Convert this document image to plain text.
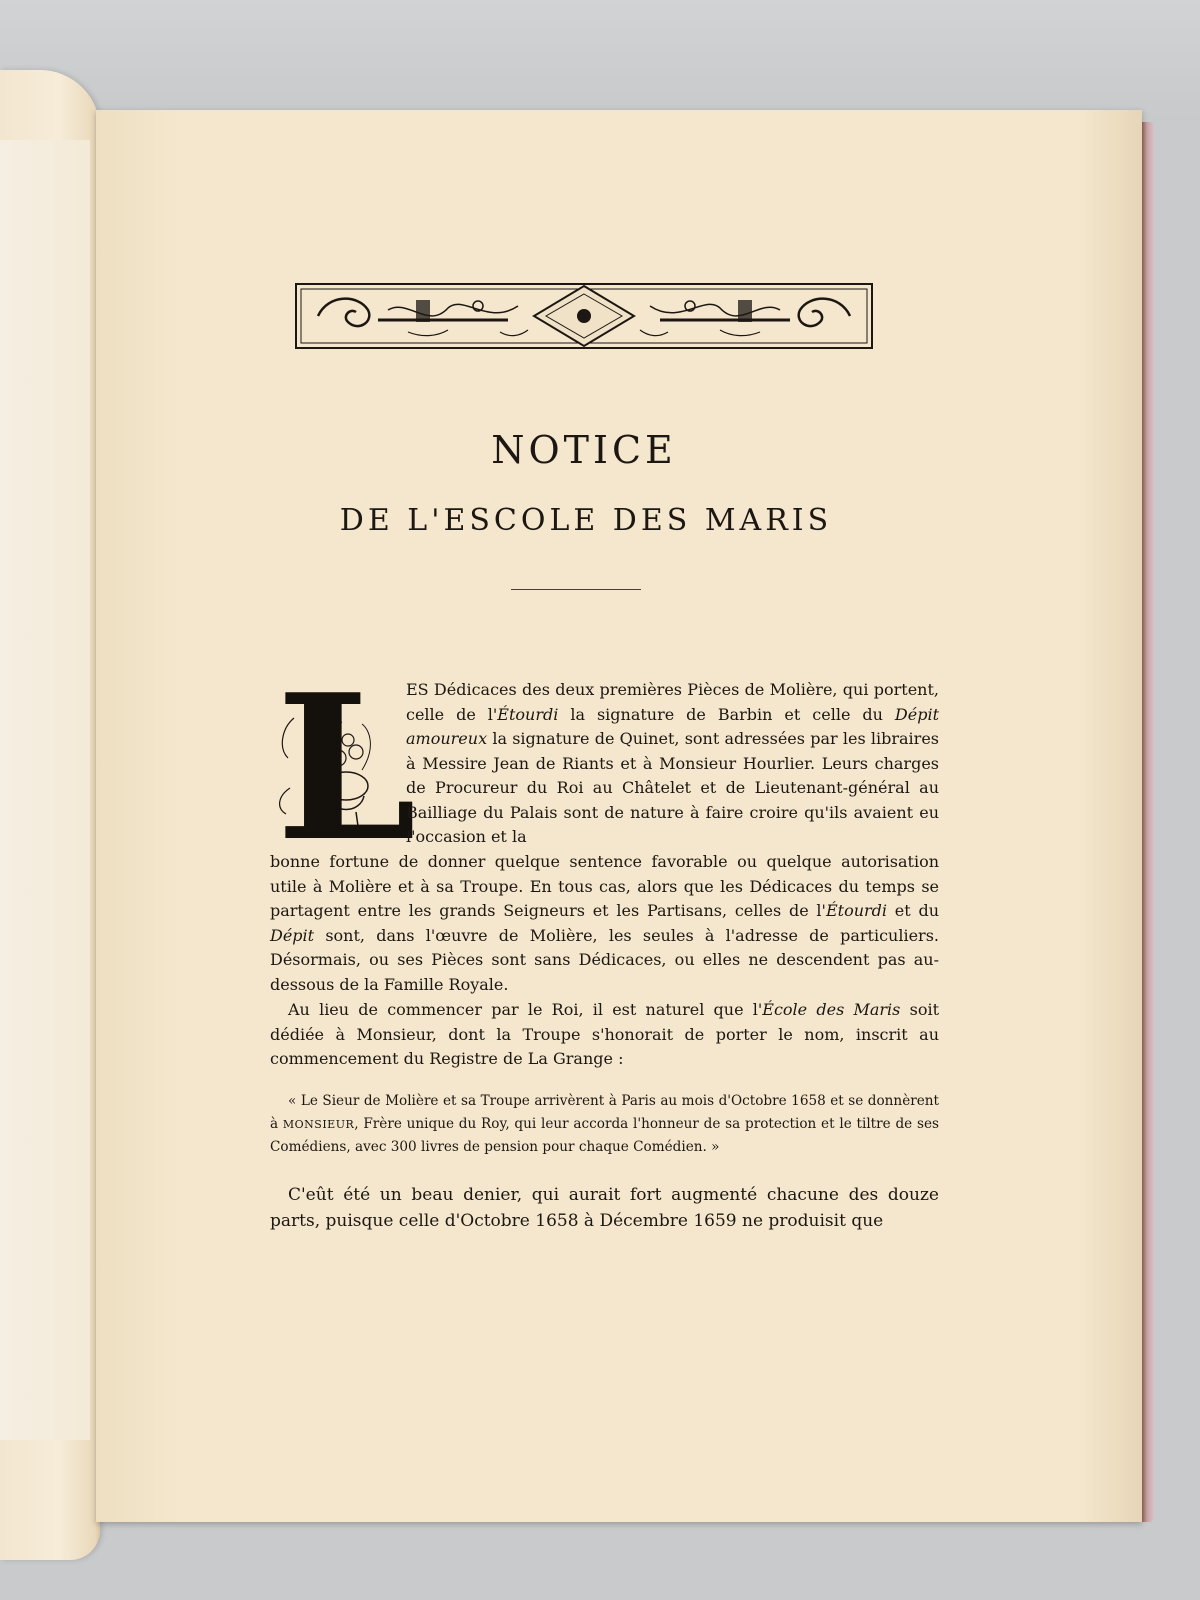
NOTICE
DE L'ESCOLE DES MARIS
L

ES Dédicaces des deux premières Pièces de Molière, qui portent, celle de l'Étourdi la signature de Barbin et celle du Dépit amoureux la signature de Quinet, sont adressées par les libraires à Messire Jean de Riants et à Monsieur Hourlier. Leurs charges de Procureur du Roi au Châtelet et de Lieutenant-général au Bailliage du Palais sont de nature à faire croire qu'ils avaient eu l'occasion et la

bonne fortune de donner quelque sentence favorable ou quelque autorisation utile à Molière et à sa Troupe. En tous cas, alors que les Dédicaces du temps se partagent entre les grands Seigneurs et les Partisans, celles de l'Étourdi et du Dépit sont, dans l'œuvre de Molière, les seules à l'adresse de particuliers. Désormais, ou ses Pièces sont sans Dédicaces, ou elles ne descendent pas au-dessous de la Famille Royale.

Au lieu de commencer par le Roi, il est naturel que l'École des Maris soit dédiée à Monsieur, dont la Troupe s'honorait de porter le nom, inscrit au commencement du Registre de La Grange :

« Le Sieur de Molière et sa Troupe arrivèrent à Paris au mois d'Octobre 1658 et se donnèrent à MONSIEUR, Frère unique du Roy, qui leur accorda l'honneur de sa protection et le tiltre de ses Comédiens, avec 300 livres de pension pour chaque Comédien. »

C'eût été un beau denier, qui aurait fort augmenté chacune des douze parts, puisque celle d'Octobre 1658 à Décembre 1659 ne produisit que
